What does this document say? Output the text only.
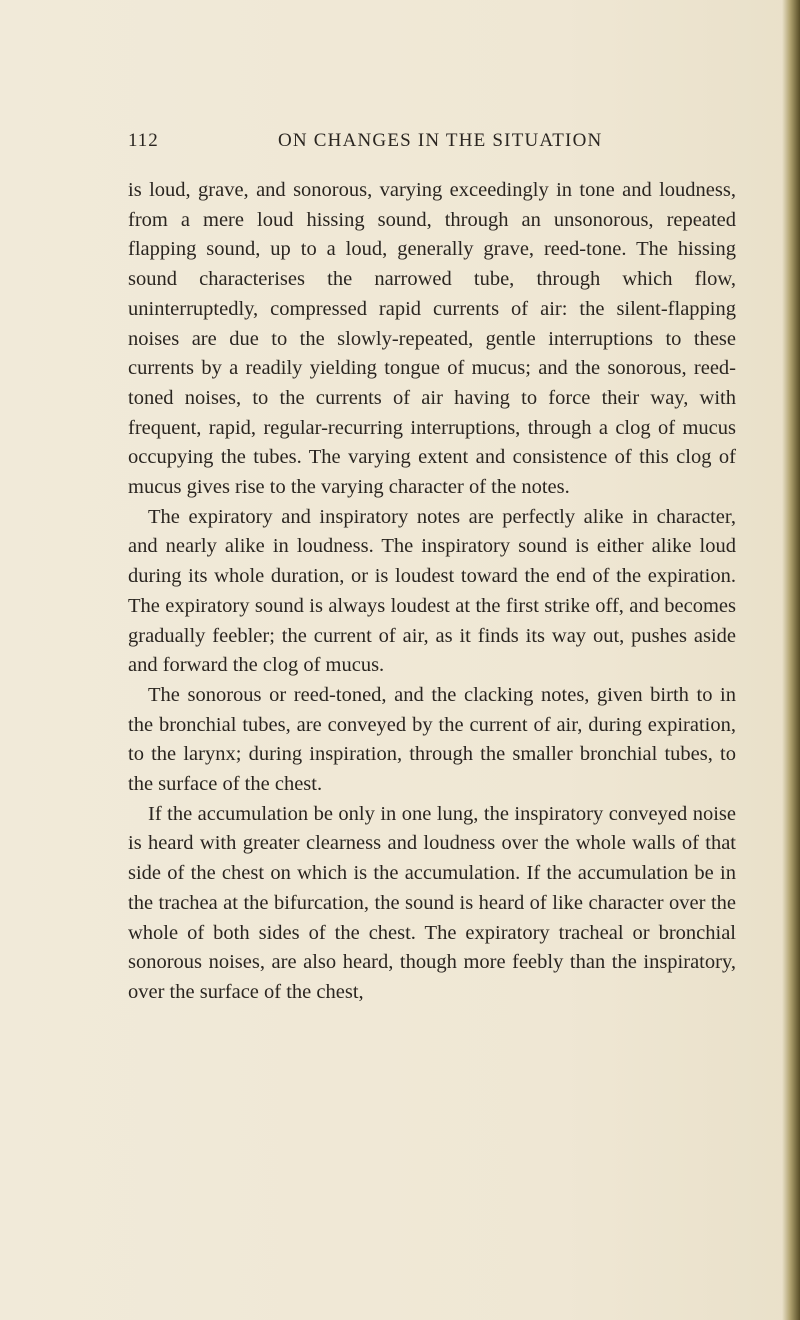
112	ON CHANGES IN THE SITUATION

is loud, grave, and sonorous, varying exceedingly in tone and loudness, from a mere loud hissing sound, through an unsonorous, repeated flapping sound, up to a loud, generally grave, reed-tone. The hissing sound characterises the narrowed tube, through which flow, uninterruptedly, compressed rapid currents of air: the silent-flapping noises are due to the slowly-repeated, gentle interruptions to these currents by a readily yielding tongue of mucus; and the sonorous, reed-toned noises, to the currents of air having to force their way, with frequent, rapid, regular-recurring interruptions, through a clog of mucus occupying the tubes. The varying extent and consistence of this clog of mucus gives rise to the varying character of the notes.

The expiratory and inspiratory notes are perfectly alike in character, and nearly alike in loudness. The inspiratory sound is either alike loud during its whole duration, or is loudest toward the end of the expiration. The expiratory sound is always loudest at the first strike off, and becomes gradually feebler; the current of air, as it finds its way out, pushes aside and forward the clog of mucus.

The sonorous or reed-toned, and the clacking notes, given birth to in the bronchial tubes, are conveyed by the current of air, during expiration, to the larynx; during inspiration, through the smaller bronchial tubes, to the surface of the chest.

If the accumulation be only in one lung, the inspiratory conveyed noise is heard with greater clearness and loudness over the whole walls of that side of the chest on which is the accumulation. If the accumulation be in the trachea at the bifurcation, the sound is heard of like character over the whole of both sides of the chest. The expiratory tracheal or bronchial sonorous noises, are also heard, though more feebly than the inspiratory, over the surface of the chest,
